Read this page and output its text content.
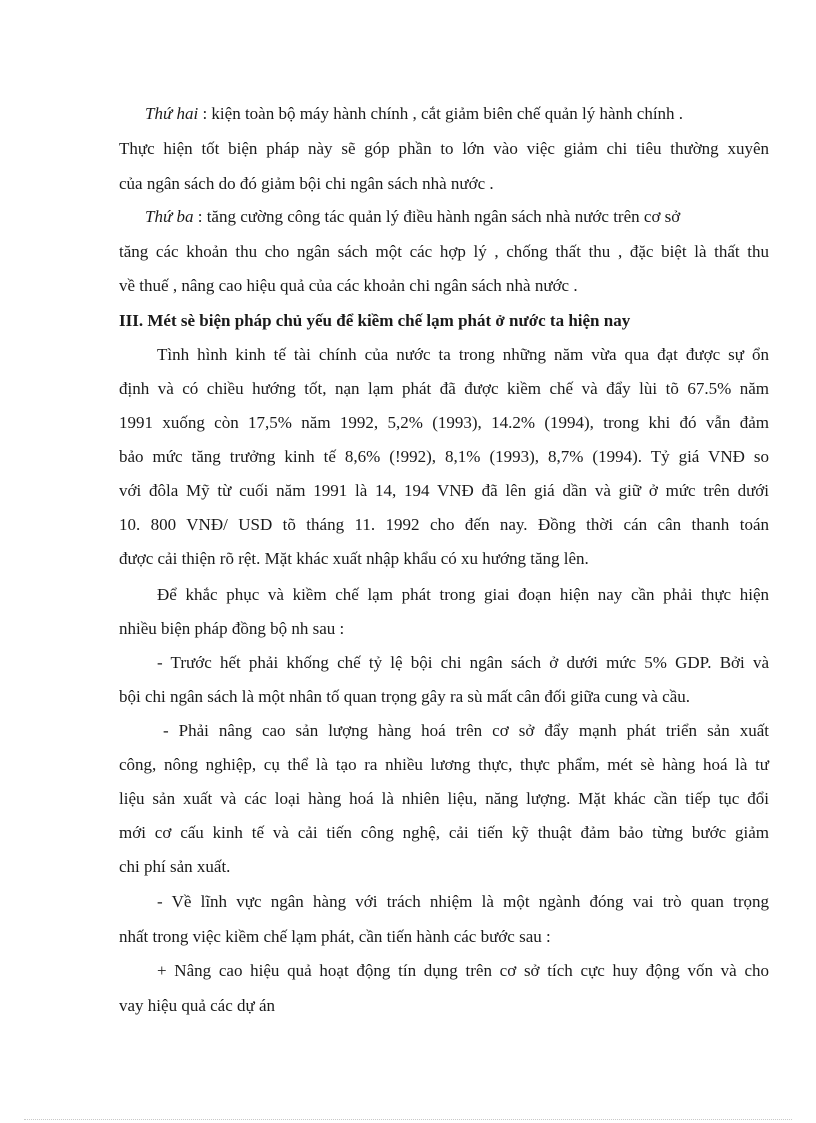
Thứ hai : kiện toàn bộ máy hành chính , cắt giảm biên chế quản lý hành chính .
Thực hiện tốt biện pháp này sẽ góp phần to lớn vào việc giảm chi tiêu thường xuyên
của ngân sách do đó giảm bội chi ngân sách nhà nước .
Thứ ba : tăng cường công tác quản lý điều hành ngân sách nhà nước trên cơ sở
tăng các khoản thu cho ngân sách một các hợp lý , chống thất thu , đặc biệt là thất thu
về thuế , nâng cao hiệu quả của các khoản chi ngân sách nhà nước .
III. Mét sè biện pháp chủ yếu để kiềm chế lạm phát ở nước ta hiện nay
Tình hình kinh tế tài chính của nước ta trong những năm vừa qua đạt được sự ổn
định và có chiều hướng tốt, nạn lạm phát đã được kiềm chế và đẩy lùi tõ 67.5% năm
1991 xuống còn 17,5% năm 1992, 5,2% (1993), 14.2% (1994), trong khi đó vẫn đảm
bảo mức tăng trưởng kinh tế 8,6% (!992), 8,1% (1993), 8,7% (1994). Tỷ giá VNĐ so
với đôla Mỹ từ cuối năm 1991 là 14, 194 VNĐ đã lên giá dần và giữ ở mức trên dưới
10. 800 VNĐ/ USD tõ tháng 11. 1992 cho đến nay. Đồng thời cán cân thanh toán
được cải thiện rõ rệt. Mặt khác xuất nhập khẩu có xu hướng tăng lên.
Để khắc phục và kiềm chế lạm phát trong giai đoạn hiện nay cần phải thực hiện
nhiều biện pháp đồng bộ nh sau :
- Trước hết phải khống chế tỷ lệ bội chi ngân sách ở dưới mức 5% GDP. Bởi và
bội chi ngân sách là một nhân tố quan trọng gây ra sù mất cân đối giữa cung và cầu.
- Phải nâng cao sản lượng hàng hoá trên cơ sở đẩy mạnh phát triển sản xuất
công, nông nghiệp, cụ thể là tạo ra nhiều lương thực, thực phẩm, mét sè hàng hoá là tư
liệu sản xuất và các loại hàng hoá là nhiên liệu, năng lượng. Mặt khác cần tiếp tục đổi
mới cơ cấu kinh tế và cải tiến công nghệ, cải tiến kỹ thuật đảm bảo từng bước giảm
chi phí sản xuất.
- Về lĩnh vực ngân hàng với trách nhiệm là một ngành đóng vai trò quan trọng
nhất trong việc kiềm chế lạm phát, cần tiến hành các bước sau :
+ Nâng cao hiệu quả hoạt động tín dụng trên cơ sở tích cực huy động vốn và cho
vay hiệu quả các dự án
